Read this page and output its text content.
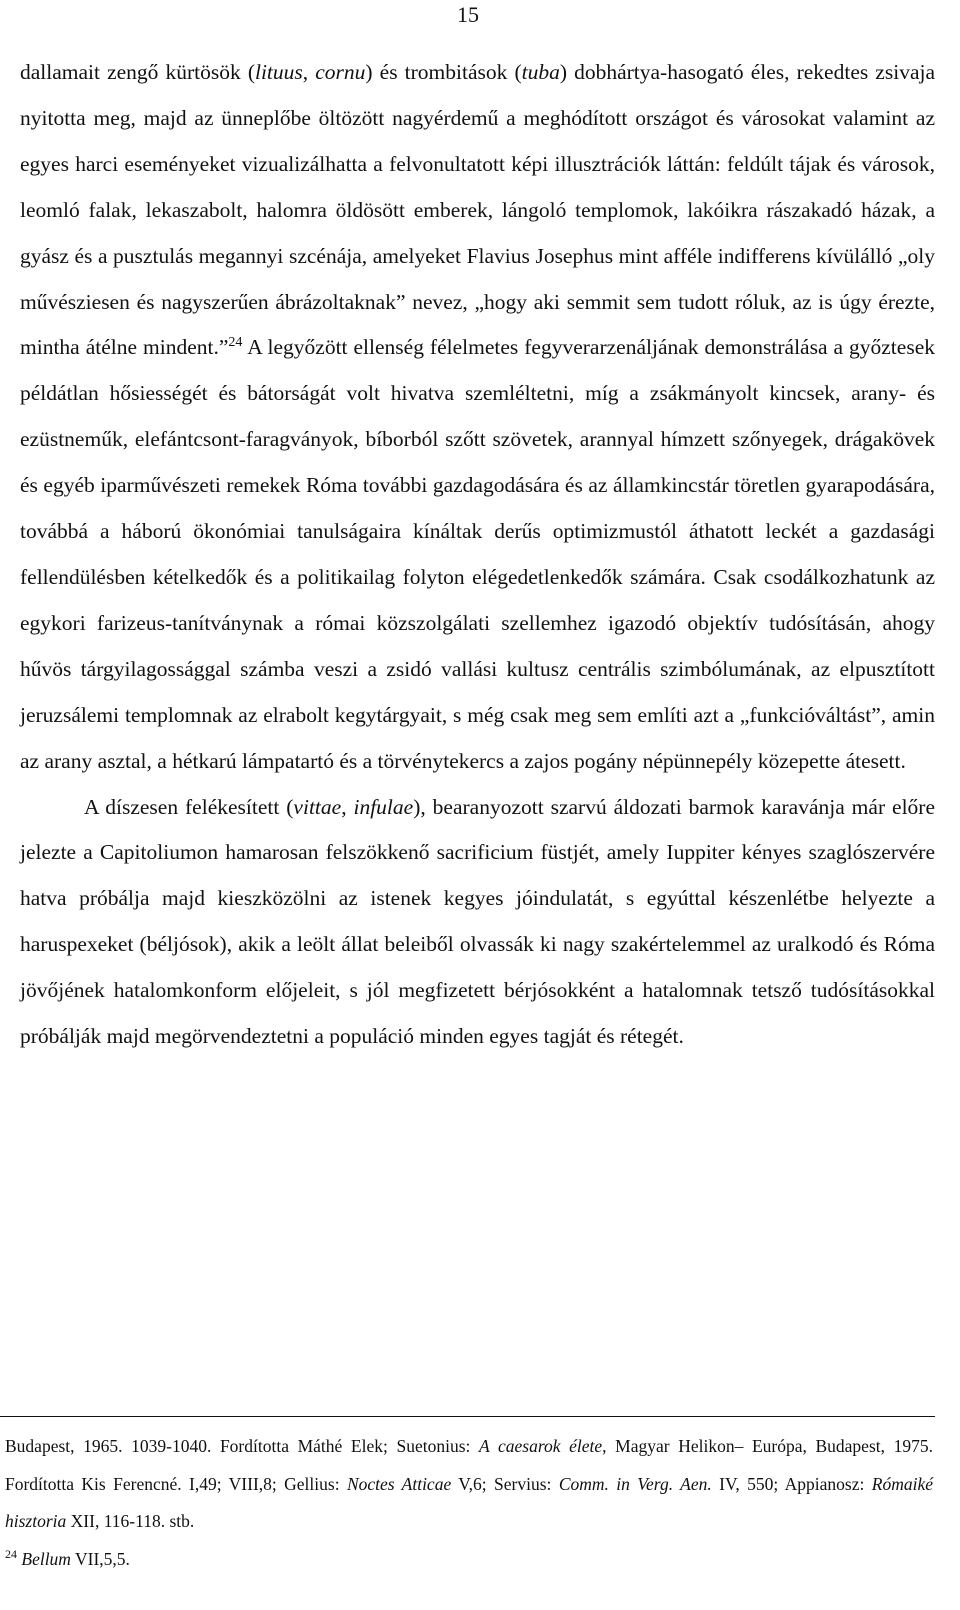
15

dallamait zengő kürtösök (lituus, cornu) és trombitások (tuba) dobhártya-hasogató éles, rekedtes zsivaja nyitotta meg, majd az ünneplőbe öltözött nagyérdemű a meghódított országot és városokat valamint az egyes harci eseményeket vizualizálhatta a felvonultatott képi illusztrációk láttán: feldúlt tájak és városok, leomló falak, lekaszabolt, halomra öldösött emberek, lángoló templomok, lakóikra rászakadó házak, a gyász és a pusztulás megannyi szcénája, amelyeket Flavius Josephus mint afféle indifferens kívülálló „oly művésziesen és nagyszerűen ábrázoltaknak” nevez, „hogy aki semmit sem tudott róluk, az is úgy érezte, mintha átélne mindent.”$^{24}$ A legyőzött ellenség félelmetes fegyverarzenáljának demonstrálása a győztesek példátlan hősiességét és bátorságát volt hivatva szemléltetni, míg a zsákmányolt kincsek, arany- és ezüstneműk, elefántcsont-faragványok, bíborból szőtt szövetek, arannyal hímzett szőnyegek, drágakövek és egyéb iparművészeti remekek Róma további gazdagodására és az államkincstár töretlen gyarapodására, továbbá a háború ökonómiai tanulságaira kínáltak derűs optimizmustól áthatott leckét a gazdasági fellendülésben kételkedők és a politikailag folyton elégedetlenkedők számára. Csak csodálkozhatunk az egykori farizeus-tanítványnak a római közszolgálati szellemhez igazodó objektív tudósításán, ahogy hűvös tárgyilagossággal számba veszi a zsidó vallási kultusz centrális szimbólumának, az elpusztított jeruzsálemi templomnak az elrabolt kegytárgyait, s még csak meg sem említi azt a „funkcióváltást”, amin az arany asztal, a hétkarú lámpatartó és a törvénytekercs a zajos pogány népünnepély közepette átesett.

A díszesen felékesített (vittae, infulae), bearanyozott szarvú áldozati barmok karavánja már előre jelezte a Capitoliumon hamarosan felszökkenő sacrificium füstjét, amely Iuppiter kényes szaglószervére hatva próbálja majd kieszközölni az istenek kegyes jóindulatát, s egyúttal készenlétbe helyezte a haruspexeket (béljósok), akik a leölt állat beleiből olvassák ki nagy szakértelemmel az uralkodó és Róma jövőjének hatalomkonform előjeleit, s jól megfizetett bérjósokként a hatalomnak tetsző tudósításokkal próbálják majd megörvendeztetni a populáció minden egyes tagját és rétegét.

Budapest, 1965. 1039-1040. Fordította Máthé Elek; Suetonius: A caesarok élete, Magyar Helikon– Európa, Budapest, 1975. Fordította Kis Ferencné. I,49; VIII,8; Gellius: Noctes Atticae V,6; Servius: Comm. in Verg. Aen. IV, 550; Appianosz: Rómaiké hisztoria XII, 116-118. stb.

$^{24}$ Bellum VII,5,5.
